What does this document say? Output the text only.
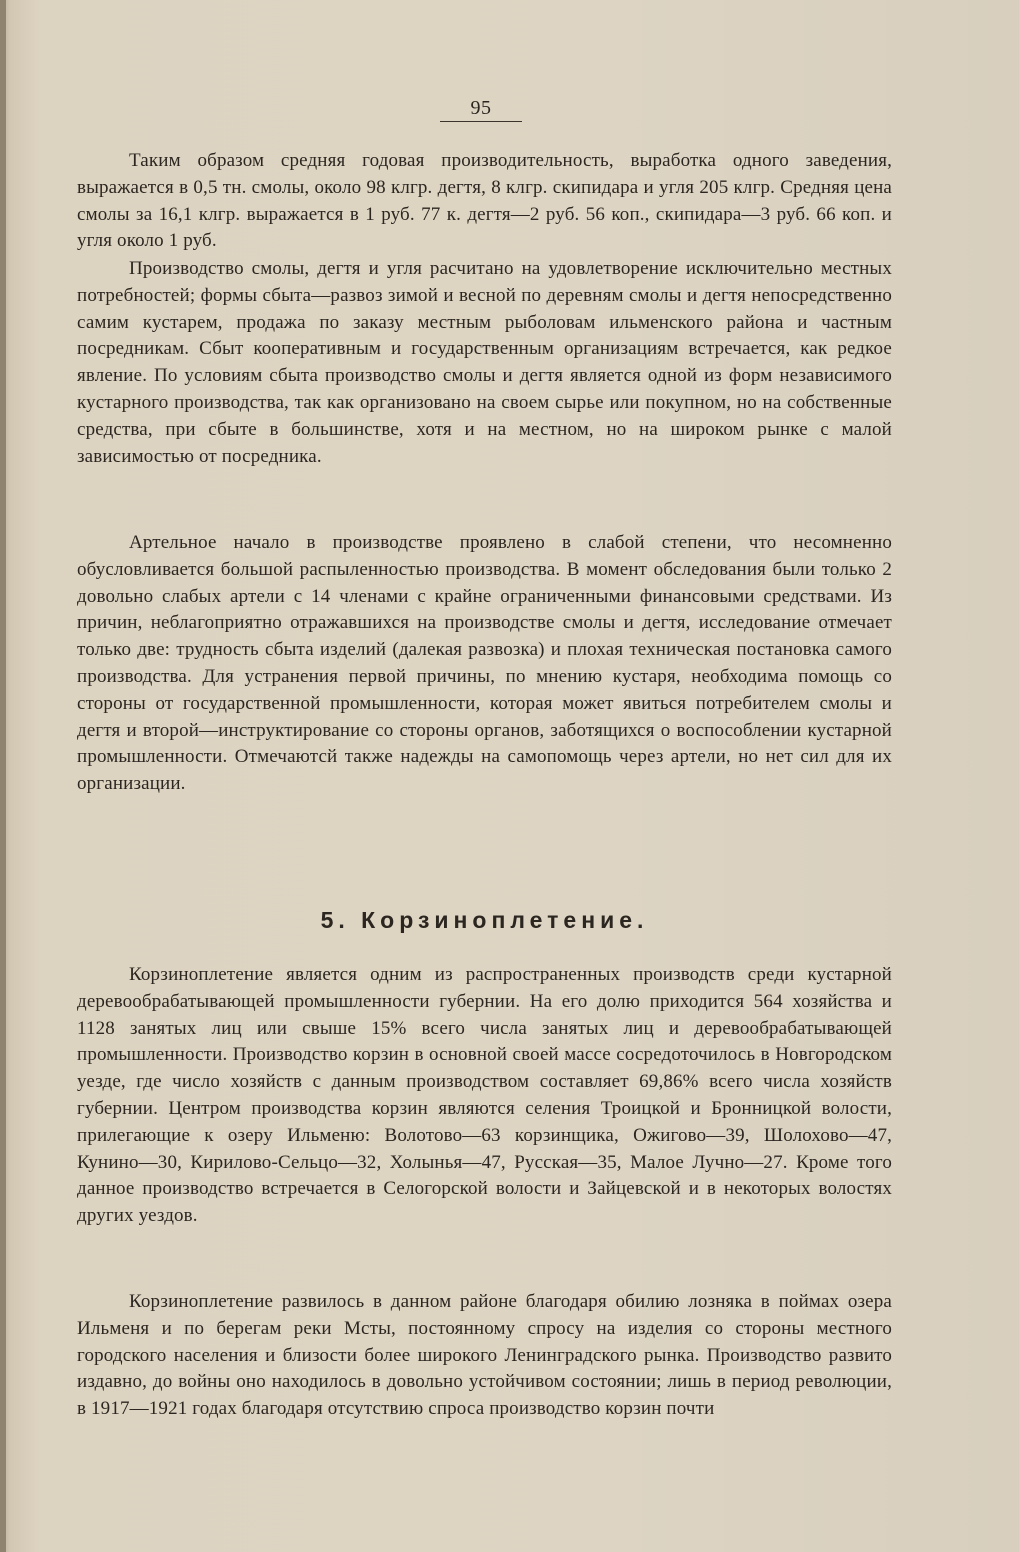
95

Таким образом средняя годовая производительность, выработка одного заведения, выражается в 0,5 тн. смолы, около 98 клгр. дегтя, 8 клгр. скипидара и угля 205 клгр. Средняя цена смолы за 16,1 клгр. выражается в 1 руб. 77 к. дегтя—2 руб. 56 коп., скипидара—3 руб. 66 коп. и угля около 1 руб.

Производство смолы, дегтя и угля расчитано на удовлетворение исключительно местных потребностей; формы сбыта—развоз зимой и весной по деревням смолы и дегтя непосредственно самим кустарем, продажа по заказу местным рыболовам ильменского района и частным посредникам. Сбыт кооперативным и государственным организациям встречается, как редкое явление. По условиям сбыта производство смолы и дегтя является одной из форм независимого кустарного производства, так как организовано на своем сырье или покупном, но на собственные средства, при сбыте в большинстве, хотя и на местном, но на широком рынке с малой зависимостью от посредника.

Артельное начало в производстве проявлено в слабой степени, что несомненно обусловливается большой распыленностью производства. В момент обследования были только 2 довольно слабых артели с 14 членами с крайне ограниченными финансовыми средствами. Из причин, неблагоприятно отражавшихся на производстве смолы и дегтя, исследование отмечает только две: трудность сбыта изделий (далекая развозка) и плохая техническая постановка самого производства. Для устранения первой причины, по мнению кустаря, необходима помощь со стороны от государственной промышленности, которая может явиться потребителем смолы и дегтя и второй—инструктирование со стороны органов, заботящихся о воспособлении кустарной промышленности. Отмечаютсй также надежды на самопомощь через артели, но нет сил для их организации.

5. Корзиноплетение.

Корзиноплетение является одним из распространенных производств среди кустарной деревообрабатывающей промышленности губернии. На его долю приходится 564 хозяйства и 1128 занятых лиц или свыше 15% всего числа занятых лиц и деревообрабатывающей промышленности. Производство корзин в основной своей массе сосредоточилось в Новгородском уезде, где число хозяйств с данным производством составляет 69,86% всего числа хозяйств губернии. Центром производства корзин являются селения Троицкой и Бронницкой волости, прилегающие к озеру Ильменю: Волотово—63 корзинщика, Ожигово—39, Шолохово—47, Кунино—30, Кирилово-Сельцо—32, Холынья—47, Русская—35, Малое Лучно—27. Кроме того данное производство встречается в Селогорской волости и Зайцевской и в некоторых волостях других уездов.

Корзиноплетение развилось в данном районе благодаря обилию лозняка в поймах озера Ильменя и по берегам реки Мсты, постоянному спросу на изделия со стороны местного городского населения и близости более широкого Ленинградского рынка. Производство развито издавно, до войны оно находилось в довольно устойчивом состоянии; лишь в период революции, в 1917—1921 годах благодаря отсутствию спроса производство корзин почти
